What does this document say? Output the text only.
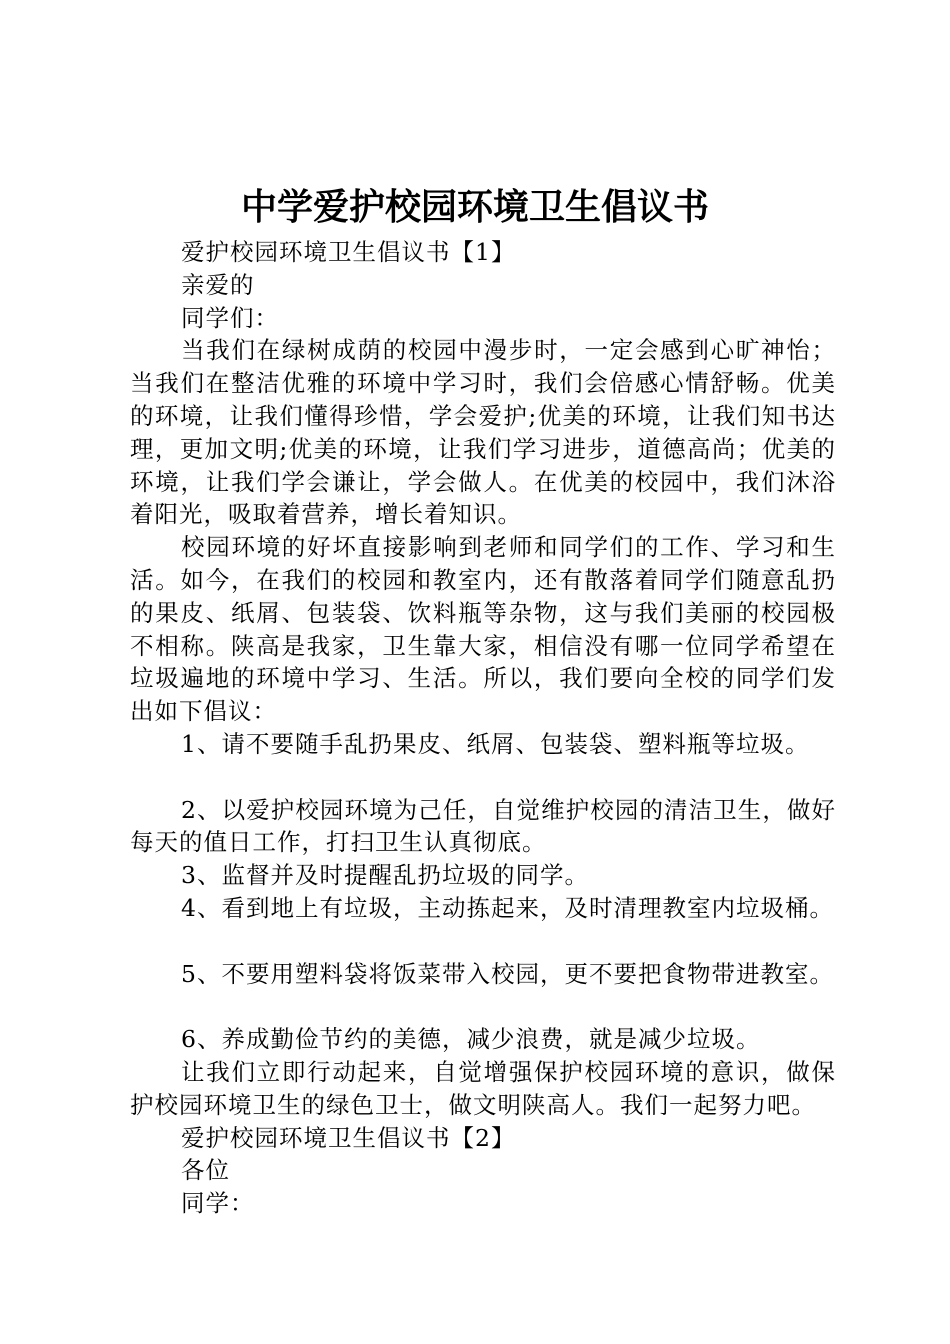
中学爱护校园环境卫生倡议书

爱护校园环境卫生倡议书【1】

亲爱的

同学们：

当我们在绿树成荫的校园中漫步时，一定会感到心旷神怡；当我们在整洁优雅的环境中学习时，我们会倍感心情舒畅。优美的环境，让我们懂得珍惜，学会爱护;优美的环境，让我们知书达理，更加文明;优美的环境，让我们学习进步，道德高尚；优美的环境，让我们学会谦让，学会做人。在优美的校园中，我们沐浴着阳光，吸取着营养，增长着知识。

校园环境的好坏直接影响到老师和同学们的工作、学习和生活。如今，在我们的校园和教室内，还有散落着同学们随意乱扔的果皮、纸屑、包装袋、饮料瓶等杂物，这与我们美丽的校园极不相称。陕高是我家，卫生靠大家，相信没有哪一位同学希望在垃圾遍地的环境中学习、生活。所以，我们要向全校的同学们发出如下倡议：

1、请不要随手乱扔果皮、纸屑、包装袋、塑料瓶等垃圾。

2、以爱护校园环境为己任，自觉维护校园的清洁卫生，做好每天的值日工作，打扫卫生认真彻底。

3、监督并及时提醒乱扔垃圾的同学。

4、看到地上有垃圾，主动拣起来，及时清理教室内垃圾桶。

5、不要用塑料袋将饭菜带入校园，更不要把食物带进教室。

6、养成勤俭节约的美德，减少浪费，就是减少垃圾。

让我们立即行动起来，自觉增强保护校园环境的意识，做保护校园环境卫生的绿色卫士，做文明陕高人。我们一起努力吧。

爱护校园环境卫生倡议书【2】

各位

同学：
